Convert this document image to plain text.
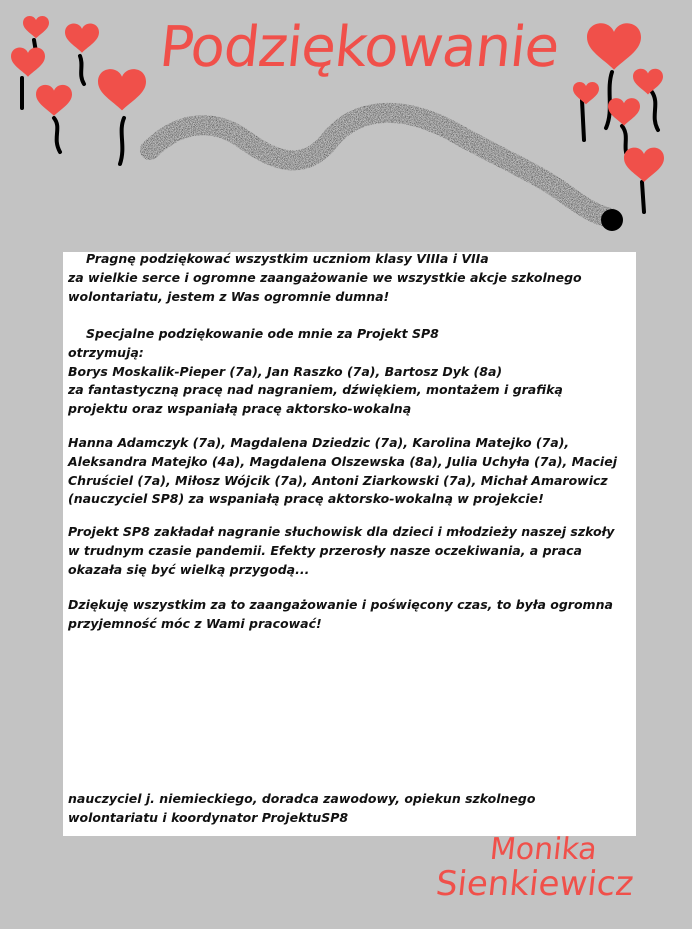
Podziękowanie
Pragnę podziękować wszystkim uczniom klasy VIIIa i VIIa
za wielkie serce i ogromne zaangażowanie we wszystkie akcje szkolnego
wolontariatu, jestem z Was ogromnie dumna!
Specjalne podziękowanie ode mnie za Projekt SP8
otrzymują:
Borys Moskalik-Pieper (7a), Jan Raszko (7a), Bartosz Dyk (8a)
za fantastyczną pracę nad nagraniem, dźwiękiem, montażem i grafiką
projektu oraz wspaniałą pracę aktorsko-wokalną
Hanna Adamczyk (7a), Magdalena Dziedzic (7a), Karolina Matejko (7a),
Aleksandra Matejko (4a), Magdalena Olszewska (8a), Julia Uchyła (7a), Maciej
Chruściel (7a), Miłosz Wójcik (7a), Antoni Ziarkowski (7a), Michał Amarowicz
(nauczyciel SP8) za wspaniałą pracę aktorsko-wokalną w projekcie!
Projekt SP8 zakładał nagranie słuchowisk dla dzieci i młodzieży naszej szkoły
w trudnym czasie pandemii. Efekty przerosły nasze oczekiwania, a praca
okazała się być wielką przygodą...
Dziękuję wszystkim za to zaangażowanie i poświęcony czas, to była ogromna
przyjemność móc z Wami pracować!
nauczyciel j. niemieckiego, doradca zawodowy, opiekun szkolnego
wolontariatu i koordynator ProjektuSP8
Monika
Sienkiewicz
